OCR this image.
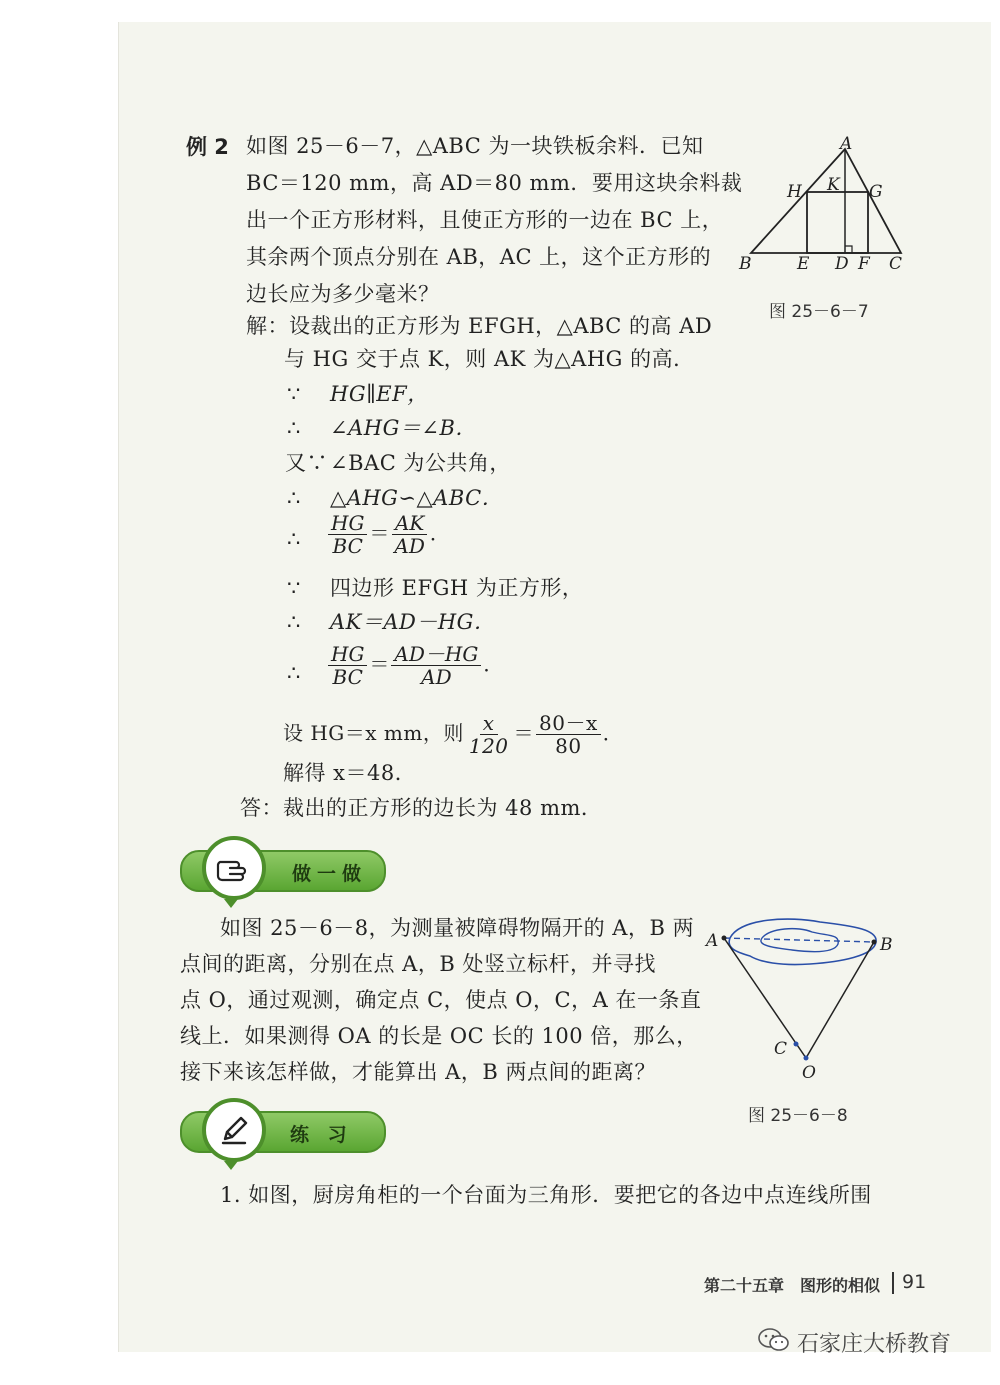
例 2 如图 25－6－7，△ABC 为一块铁板余料．已知
BC＝120 mm，高 AD＝80 mm．要用这块余料裁
出一个正方形材料，且使正方形的一边在 BC 上，
其余两个顶点分别在 AB，AC 上，这个正方形的
边长应为多少毫米？
解：设裁出的正方形为 EFGH，△ABC 的高 AD
与 HG 交于点 K，则 AK 为△AHG 的高．
∵ HG∥EF，
∴ ∠AHG＝∠B．
又∵ ∠BAC 为公共角，
∴ △AHG∽△ABC．
∴ $\frac{HG}{BC} = \frac{AK}{AD}$ ．
∵ 四边形 EFGH 为正方形，
∴ AK＝AD－HG．
∴ $\frac{HG}{BC} = \frac{AD-HG}{AD}$ ．
设 HG＝x mm，则 $\frac{x}{120} = \frac{80-x}{80}$ ．
解得 x＝48．
答：裁出的正方形的边长为 48 mm．
A
B	C
E D F
H	G
K
图 25－6－7
做一做
如图 25－6－8，为测量被障碍物隔开的 A，B 两
点间的距离，分别在点 A，B 处竖立标杆，并寻找
点 O，通过观测，确定点 C，使点 O，C，A 在一条直
线上．如果测得 OA 的长是 OC 长的 100 倍，那么，
接下来该怎样做，才能算出 A，B 两点间的距离？
A	B
C
O
图 25－6－8
练 习
1. 如图，厨房角柜的一个台面为三角形．要把它的各边中点连线所围
第二十五章　图形的相似 91
石家庄大桥教育
